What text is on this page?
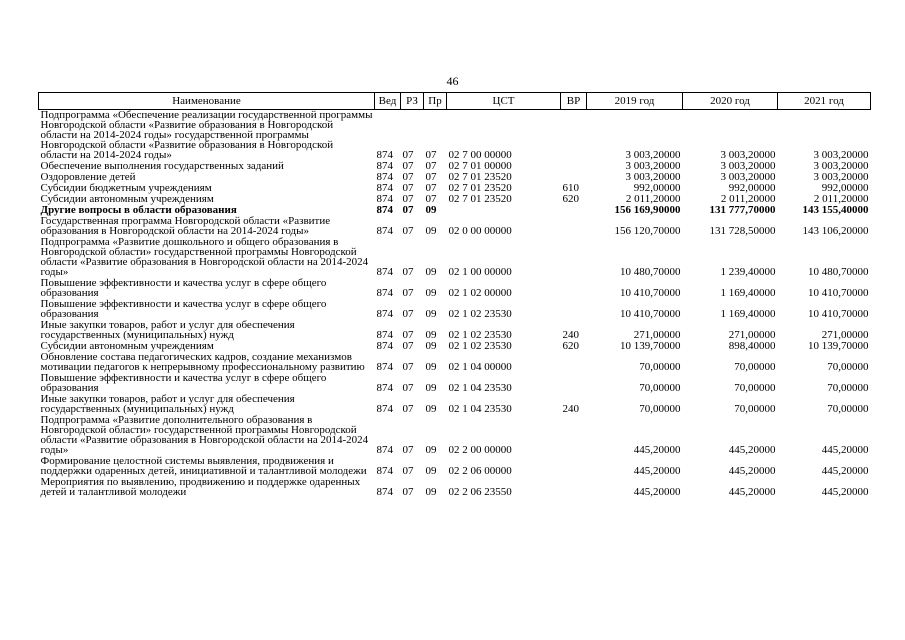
46
Наименование	Вед	РЗ	Пр	ЦСТ	ВР	2019 год	2020 год	2021 год
Подпрограмма «Обеспечение реализации государственной программы Новгородской области «Развитие образования в Новгородской области на 2014-2024 годы» государственной программы Новгородской области «Развитие образования в Новгородской области на 2014-2024 годы»	874	07	07	02 7 00 00000		3 003,20000	3 003,20000	3 003,20000
Обеспечение выполнения государственных заданий	874	07	07	02 7 01 00000		3 003,20000	3 003,20000	3 003,20000
Оздоровление детей	874	07	07	02 7 01 23520		3 003,20000	3 003,20000	3 003,20000
Субсидии бюджетным учреждениям	874	07	07	02 7 01 23520	610	992,00000	992,00000	992,00000
Субсидии автономным учреждениям	874	07	07	02 7 01 23520	620	2 011,20000	2 011,20000	2 011,20000
Другие вопросы в области образования	874	07	09			156 169,90000	131 777,70000	143 155,40000
Государственная программа Новгородской области «Развитие образования в Новгородской области на 2014-2024 годы»	874	07	09	02 0 00 00000		156 120,70000	131 728,50000	143 106,20000
Подпрограмма «Развитие дошкольного и общего образования в Новгородской области» государственной программы Новгородской области «Развитие образования в Новгородской области на 2014-2024 годы»	874	07	09	02 1 00 00000		10 480,70000	1 239,40000	10 480,70000
Повышение эффективности и качества услуг в сфере общего образования	874	07	09	02 1 02 00000		10 410,70000	1 169,40000	10 410,70000
Повышение эффективности и качества услуг в сфере общего образования	874	07	09	02 1 02 23530		10 410,70000	1 169,40000	10 410,70000
Иные закупки товаров, работ и услуг для обеспечения государственных (муниципальных) нужд	874	07	09	02 1 02 23530	240	271,00000	271,00000	271,00000
Субсидии автономным учреждениям	874	07	09	02 1 02 23530	620	10 139,70000	898,40000	10 139,70000
Обновление состава педагогических кадров, создание механизмов мотивации педагогов к непрерывному профессиональному развитию	874	07	09	02 1 04 00000		70,00000	70,00000	70,00000
Повышение эффективности и качества услуг в сфере общего образования	874	07	09	02 1 04 23530		70,00000	70,00000	70,00000
Иные закупки товаров, работ и услуг для обеспечения государственных (муниципальных) нужд	874	07	09	02 1 04 23530	240	70,00000	70,00000	70,00000
Подпрограмма «Развитие дополнительного образования в Новгородской области» государственной программы Новгородской области «Развитие образования в Новгородской области на 2014-2024 годы»	874	07	09	02 2 00 00000		445,20000	445,20000	445,20000
Формирование целостной системы выявления, продвижения и поддержки одаренных детей, инициативной и талантливой молодежи	874	07	09	02 2 06 00000		445,20000	445,20000	445,20000
Мероприятия по выявлению, продвижению и поддержке одаренных детей и талантливой молодежи	874	07	09	02 2 06 23550		445,20000	445,20000	445,20000
